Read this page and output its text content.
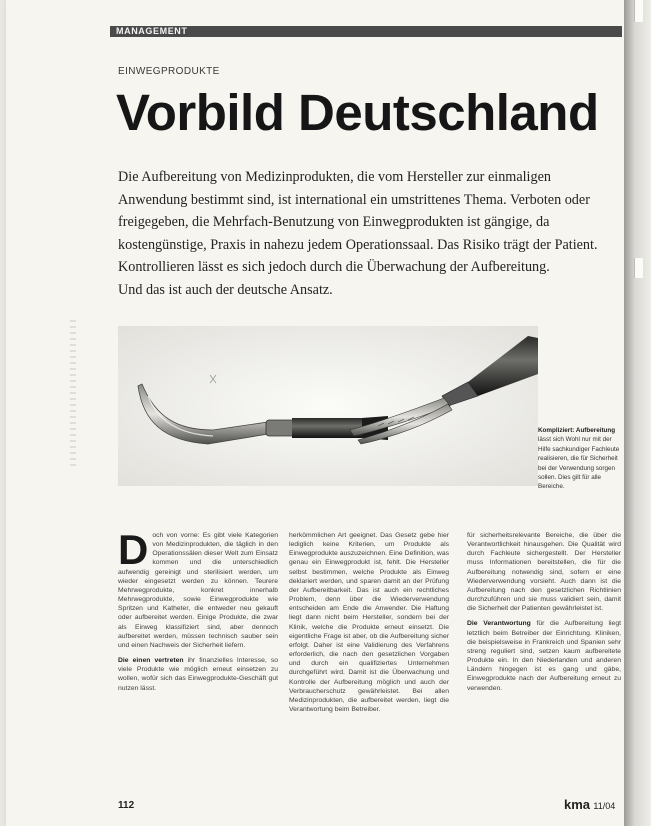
MANAGEMENT
EINWEGPRODUKTE
Vorbild Deutschland
Die Aufbereitung von Medizinprodukten, die vom Hersteller zur einmaligen
Anwendung bestimmt sind, ist international ein umstrittenes Thema. Verboten oder
freigegeben, die Mehrfach-Benutzung von Einwegprodukten ist gängige, da
kostengünstige, Praxis in nahezu jedem Operationssaal. Das Risiko trägt der Patient.
Kontrollieren lässt es sich jedoch durch die Überwachung der Aufbereitung.
Und das ist auch der deutsche Ansatz.
Kompliziert: Aufbereitung lässt sich Wohl nur mit der Hilfe sachkundiger Fachleute realisieren, die für Sicherheit bei der Verwendung sorgen sollen. Dies gilt für alle Bereiche.

Doch von vorne: Es gibt viele Kategorien von Medizinprodukten, die täglich in den Operationssälen dieser Welt zum Einsatz kommen und die unterschiedlich aufwendig gereinigt und sterilisiert werden, um wieder eingesetzt werden zu können. Teurere Mehrwegprodukte, konkret innerhalb Mehrwegprodukte, sowie Einwegprodukte wie Spritzen und Katheter, die entweder neu gekauft oder aufbereitet werden. Einige Produkte, die zwar als Einweg klassifiziert sind, aber dennoch aufbereitet werden, müssen technisch sauber sein und einen Nachweis der Sicherheit liefern.

Die einen vertreten ihr finanzielles Interesse, so viele Produkte wie möglich erneut einsetzen zu wollen, wofür sich das Einwegprodukte-Geschäft gut nutzen lässt.

herkömmlichen Art geeignet. Das Gesetz gebe hier lediglich keine Kriterien, um Produkte als Einwegprodukte auszuzeichnen. Eine Definition, was genau ein Einwegprodukt ist, fehlt. Die Hersteller selbst bestimmen, welche Produkte als Einweg deklariert werden, und sparen damit an der Prüfung der Aufbereitbarkeit. Das ist auch ein rechtliches Problem, denn über die Wiederverwendung entscheiden am Ende die Anwender. Die Haftung liegt dann nicht beim Hersteller, sondern bei der Klinik, welche die Produkte erneut einsetzt. Die eigentliche Frage ist aber, ob die Aufbereitung sicher erfolgt. Daher ist eine Validierung des Verfahrens erforderlich, die nach den gesetzlichen Vorgaben und durch ein qualifiziertes Unternehmen durchgeführt wird. Damit ist die Überwachung und Kontrolle der Aufbereitung möglich und auch der Verbraucherschutz gewährleistet. Bei allen Medizinprodukten, die aufbereitet werden, liegt die Verantwortung beim Betreiber.

für sicherheitsrelevante Bereiche, die über die Verantwortlichkeit hinausgehen. Die Qualität wird durch Fachleute sichergestellt. Der Hersteller muss Informationen bereitstellen, die für die Aufbereitung notwendig sind, sofern er eine Wiederverwendung vorsieht. Auch dann ist die Aufbereitung nach den gesetzlichen Richtlinien durchzuführen und sie muss validiert sein, damit die Sicherheit der Patienten gewährleistet ist.

Die Verantwortung für die Aufbereitung liegt letztlich beim Betreiber der Einrichtung. Kliniken, die beispielsweise in Frankreich und Spanien sehr streng reguliert sind, setzen kaum aufbereitete Produkte ein. In den Niederlanden und anderen Ländern hingegen ist es gang und gäbe, Einwegprodukte nach der Aufbereitung erneut zu verwenden.

112	kma 11/04
